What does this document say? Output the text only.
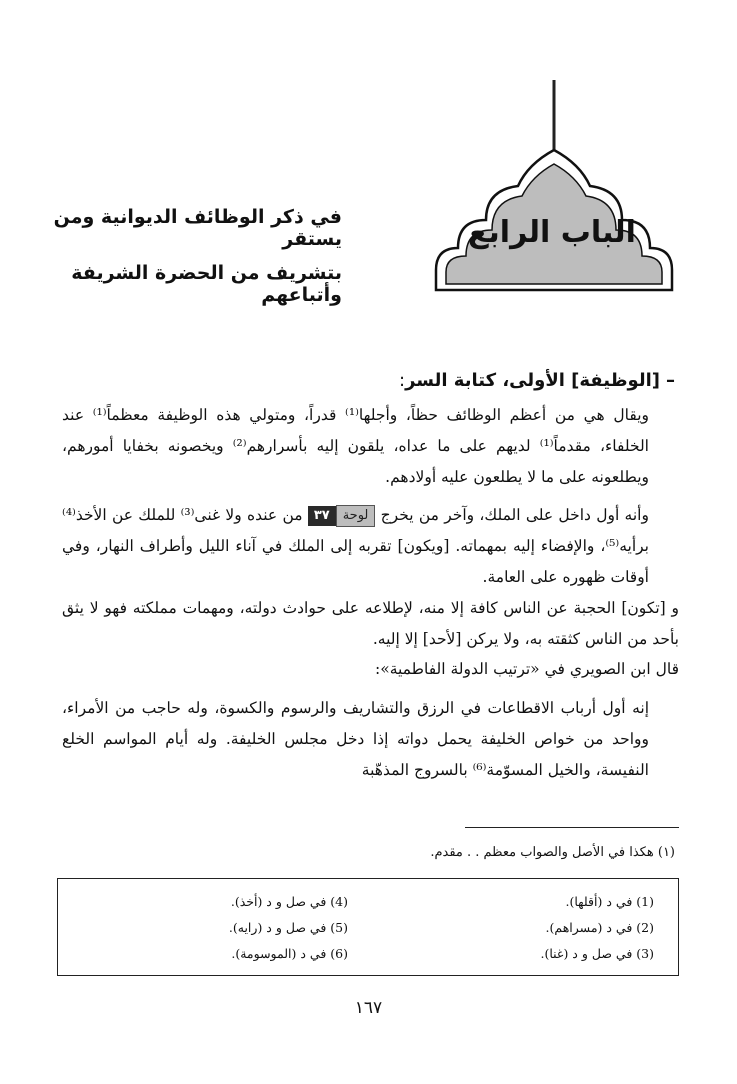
الباب الرابع
في ذكر الوظائف الديوانية ومن يستقر
بتشريف من الحضرة الشريفة وأتباعهم
–[الوظيفة] الأولى، كتابة السر:

ويقال هي من أعظم الوظائف حظاً، وأجلها⁽¹⁾ قدراً، ومتولي هذه الوظيفة معظماً⁽¹⁾ عند الخلفاء، مقدماً⁽¹⁾ لديهم على ما عداه، يلقون إليه بأسرارهم⁽²⁾ ويخصونه بخفايا أمورهم، ويطلعونه على ما لا يطلعون عليه أولادهم.

وأنه أول داخل على الملك، وآخر من يخرج لوحة٣٧ من عنده ولا غنى⁽³⁾ للملك عن الأخذ⁽⁴⁾ برأيه⁽⁵⁾، والإفضاء إليه بمهماته. [ويكون] تقربه إلى الملك في آناء الليل وأطراف النهار، وفي أوقات ظهوره على العامة.

و [تكون] الحجبة عن الناس كافة إلا منه، لإطلاعه على حوادث دولته، ومهمات مملكته فهو لا يثق بأحد من الناس كثقته به، ولا يركن [لأحد] إلا إليه.

قال ابن الصويري في «ترتيب الدولة الفاطمية»:

إنه أول أرباب الاقطاعات في الرزق والتشاريف والرسوم والكسوة، وله حاجب من الأمراء، وواحد من خواص الخليفة يحمل دواته إذا دخل مجلس الخليفة. وله أيام المواسم الخلع النفيسة، والخيل المسوّمة⁽⁶⁾ بالسروج المذهّبة

(١) هكذا في الأصل والصواب معظم . . مقدم.
(1) في د (أقلها).
(2) في د (مسراهم).
(3) في صل و د (غنا).
(4) في صل و د (أخذ).
(5) في صل و د (رايه).
(6) في د (الموسومة).
١٦٧
